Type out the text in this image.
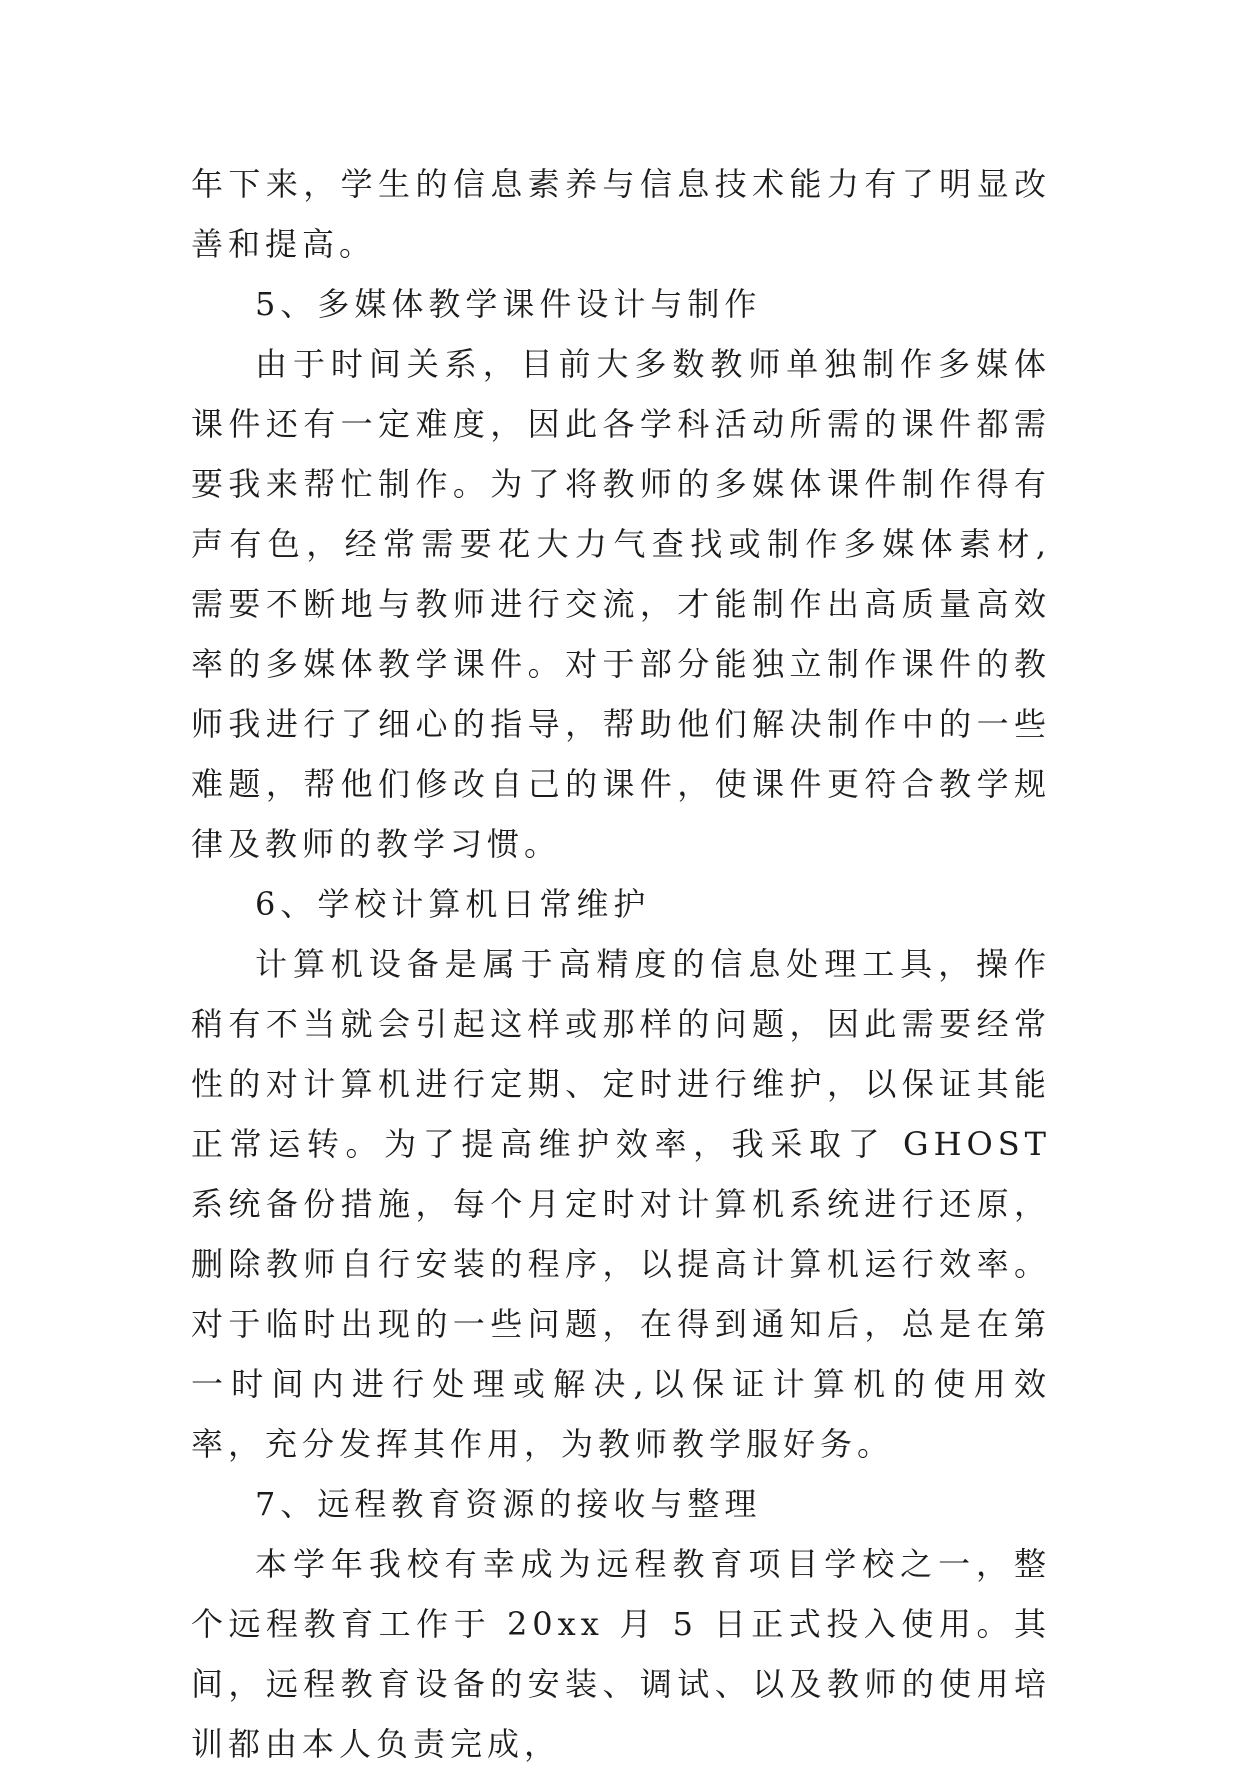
年下来，学生的信息素养与信息技术能力有了明显改善和提高。

5、多媒体教学课件设计与制作

由于时间关系，目前大多数教师单独制作多媒体课件还有一定难度，因此各学科活动所需的课件都需要我来帮忙制作。为了将教师的多媒体课件制作得有声有色，经常需要花大力气查找或制作多媒体素材,需要不断地与教师进行交流，才能制作出高质量高效率的多媒体教学课件。对于部分能独立制作课件的教师我进行了细心的指导，帮助他们解决制作中的一些难题，帮他们修改自己的课件，使课件更符合教学规律及教师的教学习惯。

6、学校计算机日常维护

计算机设备是属于高精度的信息处理工具，操作稍有不当就会引起这样或那样的问题，因此需要经常性的对计算机进行定期、定时进行维护，以保证其能正常运转。为了提高维护效率，我采取了 GHOST 系统备份措施，每个月定时对计算机系统进行还原，删除教师自行安装的程序，以提高计算机运行效率。对于临时出现的一些问题，在得到通知后，总是在第一时间内进行处理或解决,以保证计算机的使用效率，充分发挥其作用，为教师教学服好务。

7、远程教育资源的接收与整理

本学年我校有幸成为远程教育项目学校之一，整个远程教育工作于 20xx 月 5 日正式投入使用。其间，远程教育设备的安装、调试、以及教师的使用培训都由本人负责完成，
